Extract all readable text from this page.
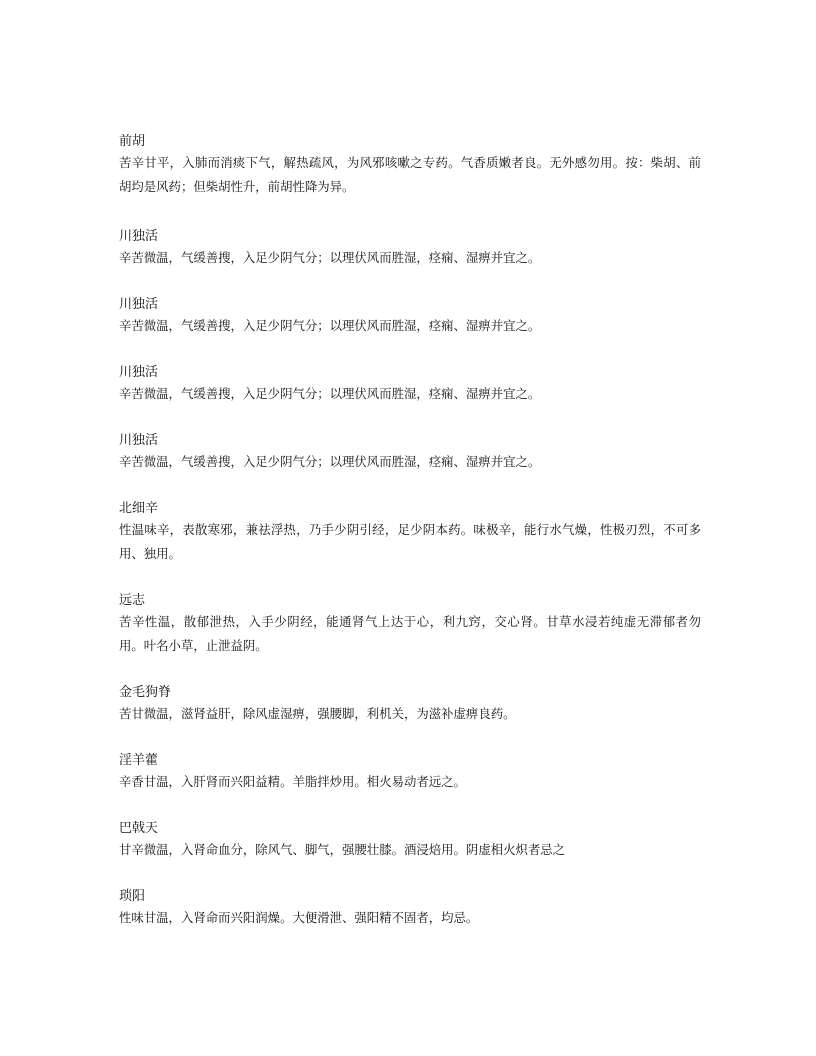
前胡

苦辛甘平，入肺而消痰下气，解热疏风，为风邪咳嗽之专药。气香质嫩者良。无外感勿用。按：柴胡、前胡均是风药；但柴胡性升，前胡性降为异。

川独活

辛苦微温，气缓善搜，入足少阴气分；以理伏风而胜湿，痉痫、湿痹并宜之。

川独活

辛苦微温，气缓善搜，入足少阴气分；以理伏风而胜湿，痉痫、湿痹并宜之。

川独活

辛苦微温，气缓善搜，入足少阴气分；以理伏风而胜湿，痉痫、湿痹并宜之。

川独活

辛苦微温，气缓善搜，入足少阴气分；以理伏风而胜湿，痉痫、湿痹并宜之。

北细辛

性温味辛，表散寒邪，兼祛浮热，乃手少阴引经，足少阴本药。味极辛，能行水气燥，性极刃烈，不可多用、独用。

远志

苦辛性温，散郁泄热，入手少阴经，能通肾气上达于心，利九窍，交心肾。甘草水浸若纯虚无滞郁者勿用。叶名小草，止泄益阴。

金毛狗脊

苦甘微温，滋肾益肝，除风虚湿痹，强腰脚，利机关，为滋补虚痹良药。

淫羊藿

辛香甘温，入肝肾而兴阳益精。羊脂拌炒用。相火易动者远之。

巴戟天

甘辛微温，入肾命血分，除风气、脚气，强腰壮膝。酒浸焙用。阴虚相火炽者忌之

琐阳

性味甘温，入肾命而兴阳润燥。大便滑泄、强阳精不固者，均忌。
